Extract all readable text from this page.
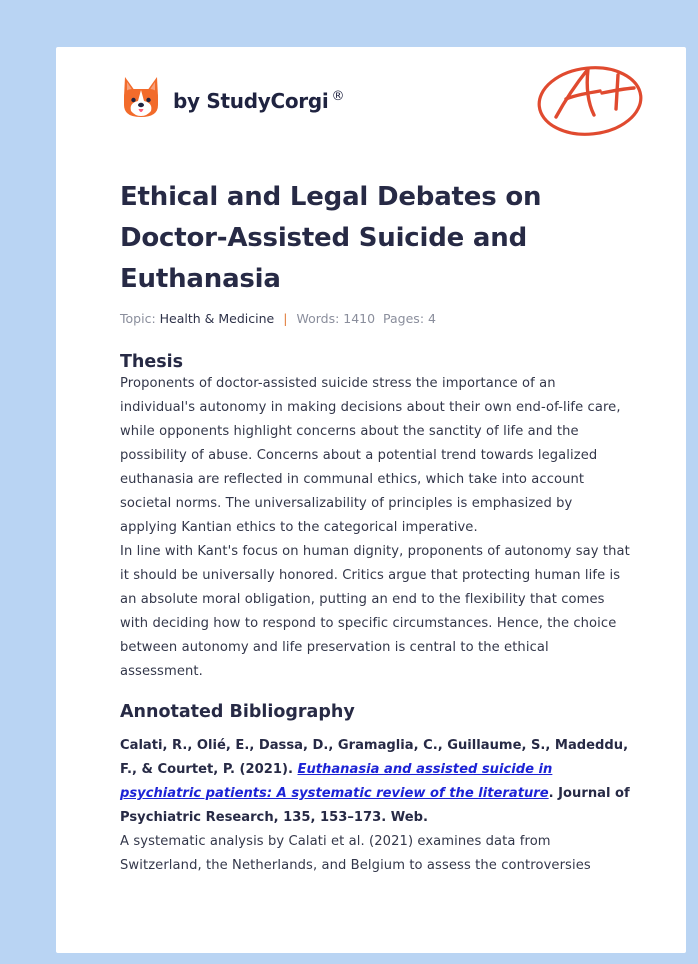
by StudyCorgi ®
Ethical and Legal Debates on Doctor-Assisted Suicide and Euthanasia
Topic: Health & Medicine | Words: 1410 Pages: 4
Thesis

Proponents of doctor-assisted suicide stress the importance of an individual's autonomy in making decisions about their own end-of-life care, while opponents highlight concerns about the sanctity of life and the possibility of abuse. Concerns about a potential trend towards legalized euthanasia are reflected in communal ethics, which take into account societal norms. The universalizability of principles is emphasized by applying Kantian ethics to the categorical imperative.

In line with Kant's focus on human dignity, proponents of autonomy say that it should be universally honored. Critics argue that protecting human life is an absolute moral obligation, putting an end to the flexibility that comes with deciding how to respond to specific circumstances. Hence, the choice between autonomy and life preservation is central to the ethical assessment.

Annotated Bibliography
Calati, R., Olié, E., Dassa, D., Gramaglia, C., Guillaume, S., Madeddu, F., & Courtet, P. (2021). Euthanasia and assisted suicide in psychiatric patients: A systematic review of the literature. Journal of Psychiatric Research, 135, 153–173. Web.

A systematic analysis by Calati et al. (2021) examines data from Switzerland, the Netherlands, and Belgium to assess the controversies
